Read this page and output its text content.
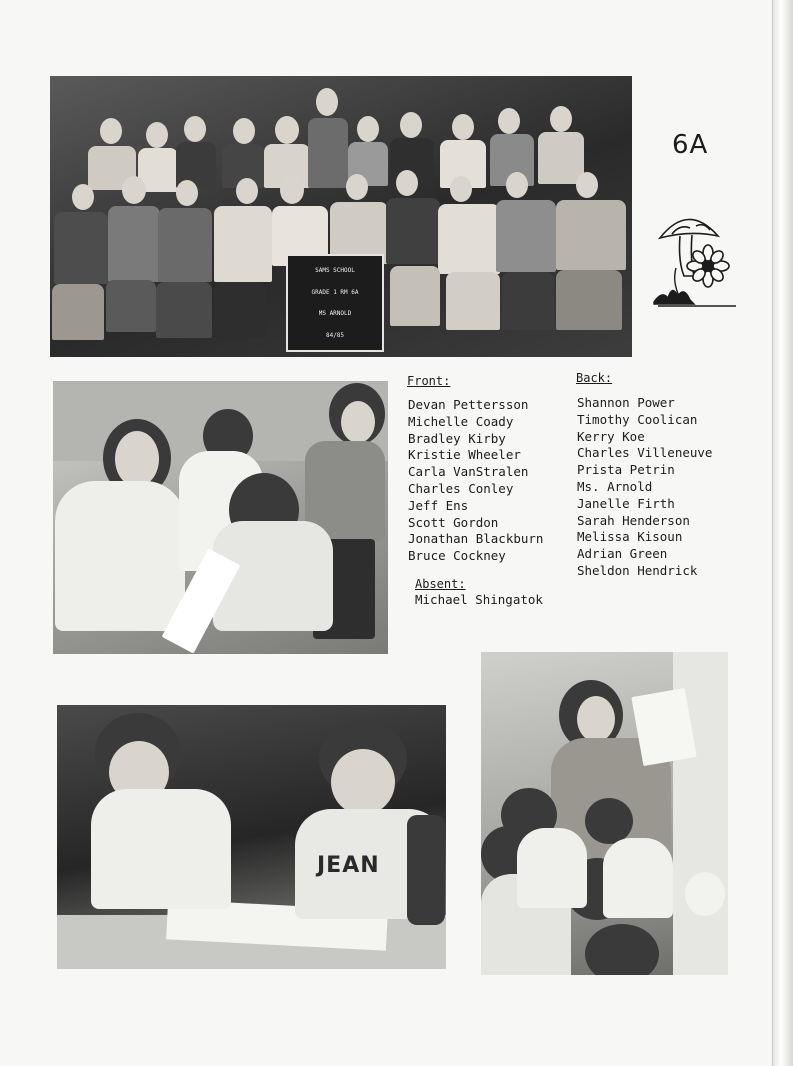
SAMS SCHOOL
GRADE 1 RM 6A
MS ARNOLD
84/85
6A
Front:
Devan Pettersson
Michelle Coady
Bradley Kirby
Kristie Wheeler
Carla VanStralen
Charles Conley
Jeff Ens
Scott Gordon
Jonathan Blackburn
Bruce Cockney
Absent:
Michael Shingatok
Back:
Shannon Power
Timothy Coolican
Kerry Koe
Charles Villeneuve
Prista Petrin
Ms. Arnold
Janelle Firth
Sarah Henderson
Melissa Kisoun
Adrian Green
Sheldon Hendrick
JEAN
